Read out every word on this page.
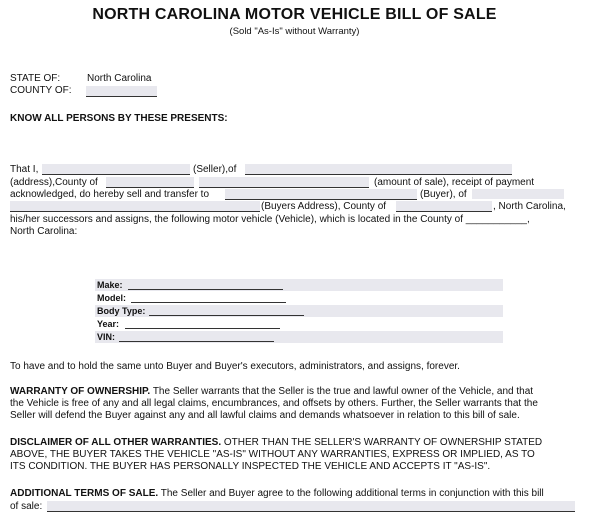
NORTH CAROLINA MOTOR VEHICLE BILL OF SALE
(Sold "As-Is" without Warranty)
STATE OF:	North Carolina
COUNTY OF:
KNOW ALL PERSONS BY THESE PRESENTS:
That I,	(Seller),of
(address),County of	(amount of sale), receipt of payment
acknowledged, do hereby sell and transfer to	(Buyer), of
(Buyers Address), County of	, North Carolina,
his/her successors and assigns, the following motor vehicle (Vehicle), which is located in the County of ___________,
North Carolina:
Make:
Model:
Body Type:
Year:
VIN:
To have and to hold the same unto Buyer and Buyer's executors, administrators, and assigns, forever.
WARRANTY OF OWNERSHIP. The Seller warrants that the Seller is the true and lawful owner of the Vehicle, and that
the Vehicle is free of any and all legal claims, encumbrances, and offsets by others. Further, the Seller warrants that the
Seller will defend the Buyer against any and all lawful claims and demands whatsoever in relation to this bill of sale.
DISCLAIMER OF ALL OTHER WARRANTIES. OTHER THAN THE SELLER'S WARRANTY OF OWNERSHIP STATED
ABOVE, THE BUYER TAKES THE VEHICLE "AS-IS" WITHOUT ANY WARRANTIES, EXPRESS OR IMPLIED, AS TO
ITS CONDITION. THE BUYER HAS PERSONALLY INSPECTED THE VEHICLE AND ACCEPTS IT "AS-IS".
ADDITIONAL TERMS OF SALE. The Seller and Buyer agree to the following additional terms in conjunction with this bill
of sale:
